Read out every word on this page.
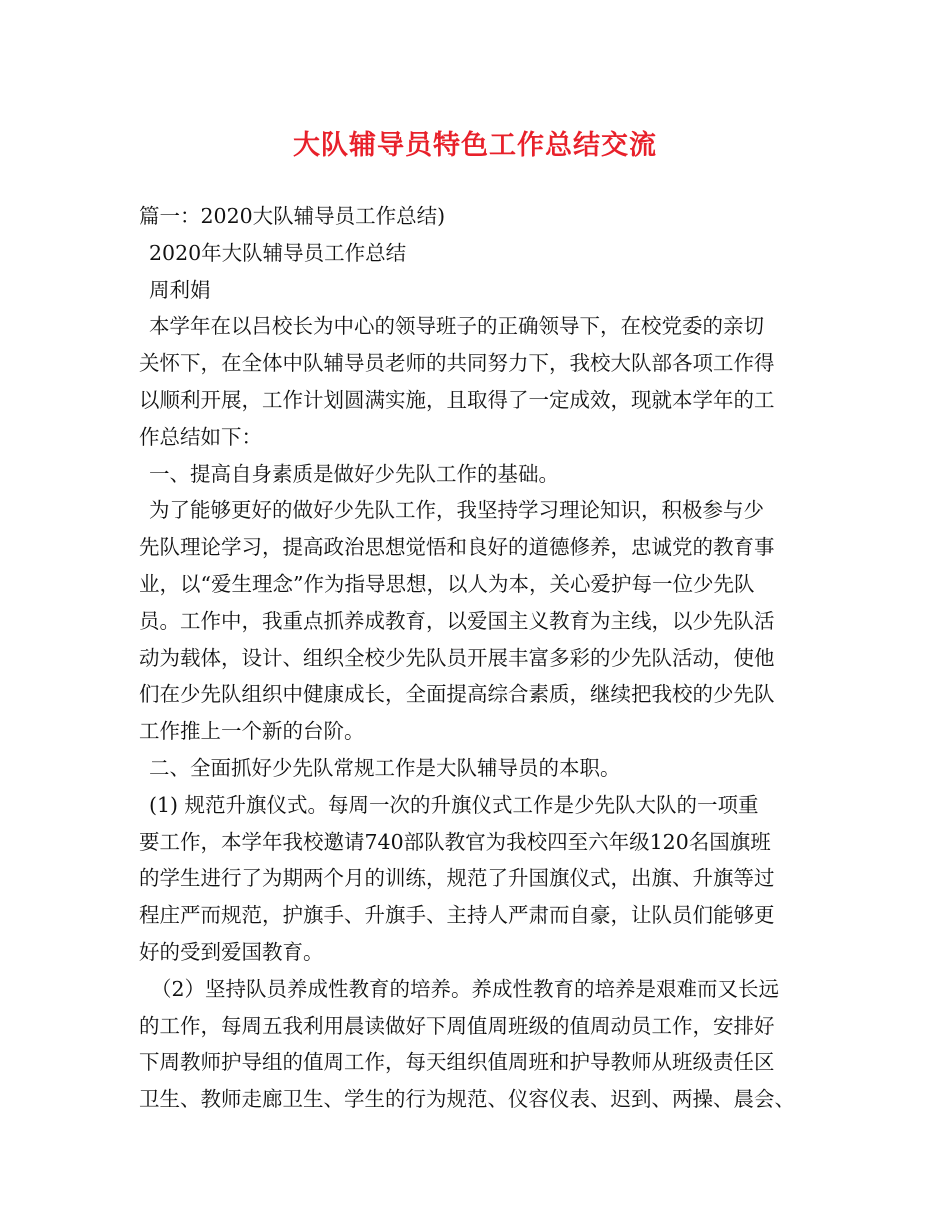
大队辅导员特色工作总结交流
篇一：2020大队辅导员工作总结)
2020年大队辅导员工作总结
周利娟
本学年在以吕校长为中心的领导班子的正确领导下，在校党委的亲切
关怀下，在全体中队辅导员老师的共同努力下，我校大队部各项工作得
以顺利开展，工作计划圆满实施，且取得了一定成效，现就本学年的工
作总结如下：
一、提高自身素质是做好少先队工作的基础。
为了能够更好的做好少先队工作，我坚持学习理论知识，积极参与少
先队理论学习，提高政治思想觉悟和良好的道德修养，忠诚党的教育事
业，以“爱生理念”作为指导思想，以人为本，关心爱护每一位少先队
员。工作中，我重点抓养成教育，以爱国主义教育为主线，以少先队活
动为载体，设计、组织全校少先队员开展丰富多彩的少先队活动，使他
们在少先队组织中健康成长，全面提高综合素质，继续把我校的少先队
工作推上一个新的台阶。
二、全面抓好少先队常规工作是大队辅导员的本职。
(1) 规范升旗仪式。每周一次的升旗仪式工作是少先队大队的一项重
要工作，本学年我校邀请740部队教官为我校四至六年级120名国旗班
的学生进行了为期两个月的训练，规范了升国旗仪式，出旗、升旗等过
程庄严而规范，护旗手、升旗手、主持人严肃而自豪，让队员们能够更
好的受到爱国教育。
（2）坚持队员养成性教育的培养。养成性教育的培养是艰难而又长远
的工作，每周五我利用晨读做好下周值周班级的值周动员工作，安排好
下周教师护导组的值周工作，每天组织值周班和护导教师从班级责任区
卫生、教师走廊卫生、学生的行为规范、仪容仪表、迟到、两操、晨会、
